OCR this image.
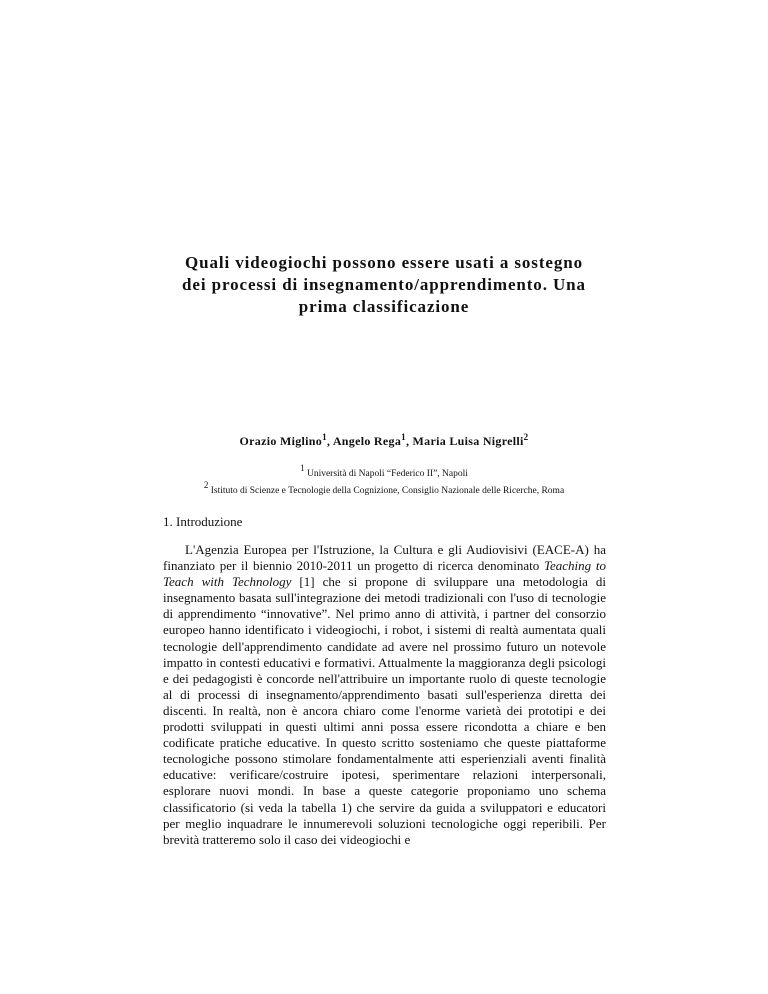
Quali videogiochi possono essere usati a sostegno
dei processi di insegnamento/apprendimento. Una
prima classificazione
Orazio Miglino$^1$, Angelo Rega$^1$, Maria Luisa Nigrelli$^2$
$^1$ Università di Napoli “Federico II”, Napoli
$^2$ Istituto di Scienze e Tecnologie della Cognizione, Consiglio Nazionale delle Ricerche, Roma
1. Introduzione

L'Agenzia Europea per l'Istruzione, la Cultura e gli Audiovisivi (EACE-A) ha finanziato per il biennio 2010-2011 un progetto di ricerca denominato Teaching to Teach with Technology [1] che si propone di sviluppare una metodologia di insegnamento basata sull'integrazione dei metodi tradizionali con l'uso di tecnologie di apprendimento “innovative”. Nel primo anno di attività, i partner del consorzio europeo hanno identificato i videogiochi, i robot, i sistemi di realtà aumentata quali tecnologie dell'apprendimento candidate ad avere nel prossimo futuro un notevole impatto in contesti educativi e formativi. Attualmente la maggioranza degli psicologi e dei pedagogisti è concorde nell'attribuire un importante ruolo di queste tecnologie al di processi di insegnamento/apprendimento basati sull'esperienza diretta dei discenti. In realtà, non è ancora chiaro come l'enorme varietà dei prototipi e dei prodotti sviluppati in questi ultimi anni possa essere ricondotta a chiare e ben codificate pratiche educative. In questo scritto sosteniamo che queste piattaforme tecnologiche possono stimolare fondamentalmente atti esperienziali aventi finalità educative: verificare/costruire ipotesi, sperimentare relazioni interpersonali, esplorare nuovi mondi. In base a queste categorie proponiamo uno schema classificatorio (si veda la tabella 1) che servire da guida a sviluppatori e educatori per meglio inquadrare le innumerevoli soluzioni tecnologiche oggi reperibili. Per brevità tratteremo solo il caso dei videogiochi e
